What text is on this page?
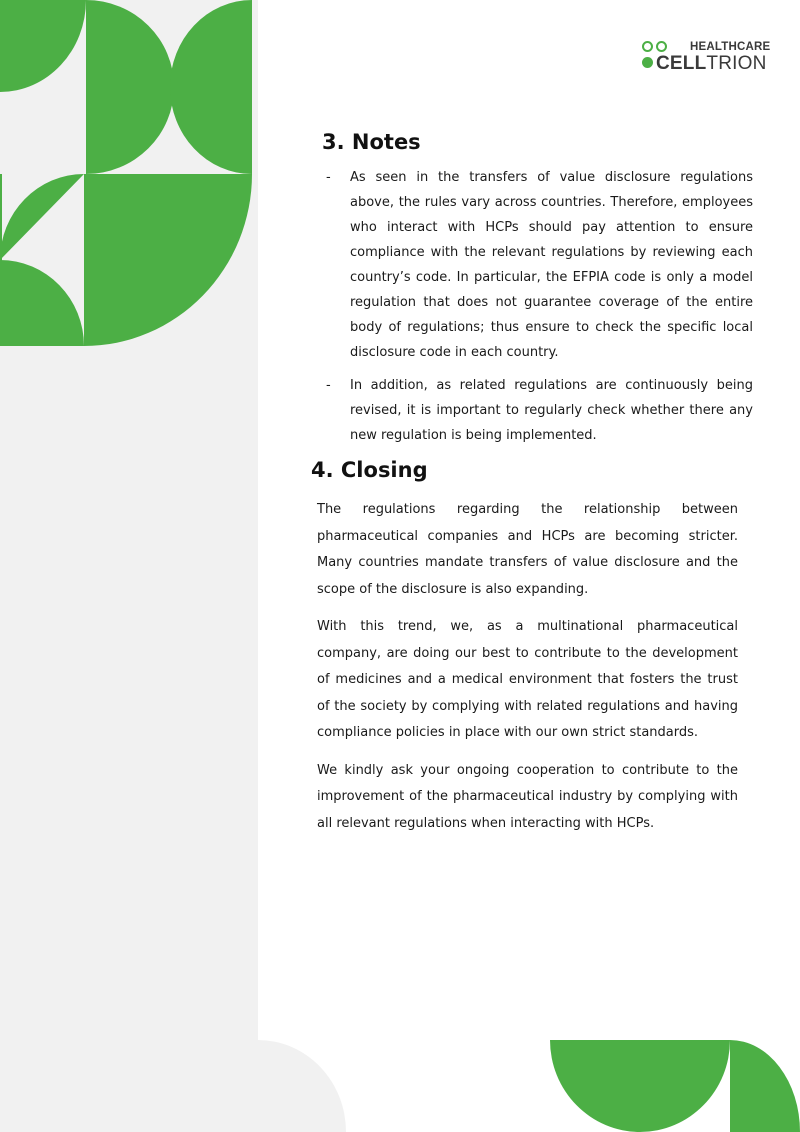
HEALTHCARE
CELLTRION
3. Notes
- As seen in the transfers of value disclosure regulations above, the rules vary across countries. Therefore, employees who interact with HCPs should pay attention to ensure compliance with the relevant regulations by reviewing each country’s code. In particular, the EFPIA code is only a model regulation that does not guarantee coverage of the entire body of regulations; thus ensure to check the specific local disclosure code in each country.

- In addition, as related regulations are continuously being revised, it is important to regularly check whether there any new regulation is being implemented.

4. Closing

The regulations regarding the relationship between pharmaceutical companies and HCPs are becoming stricter. Many countries mandate transfers of value disclosure and the scope of the disclosure is also expanding.

With this trend, we, as a multinational pharmaceutical company, are doing our best to contribute to the development of medicines and a medical environment that fosters the trust of the society by complying with related regulations and having compliance policies in place with our own strict standards.

We kindly ask your ongoing cooperation to contribute to the improvement of the pharmaceutical industry by complying with all relevant regulations when interacting with HCPs.
